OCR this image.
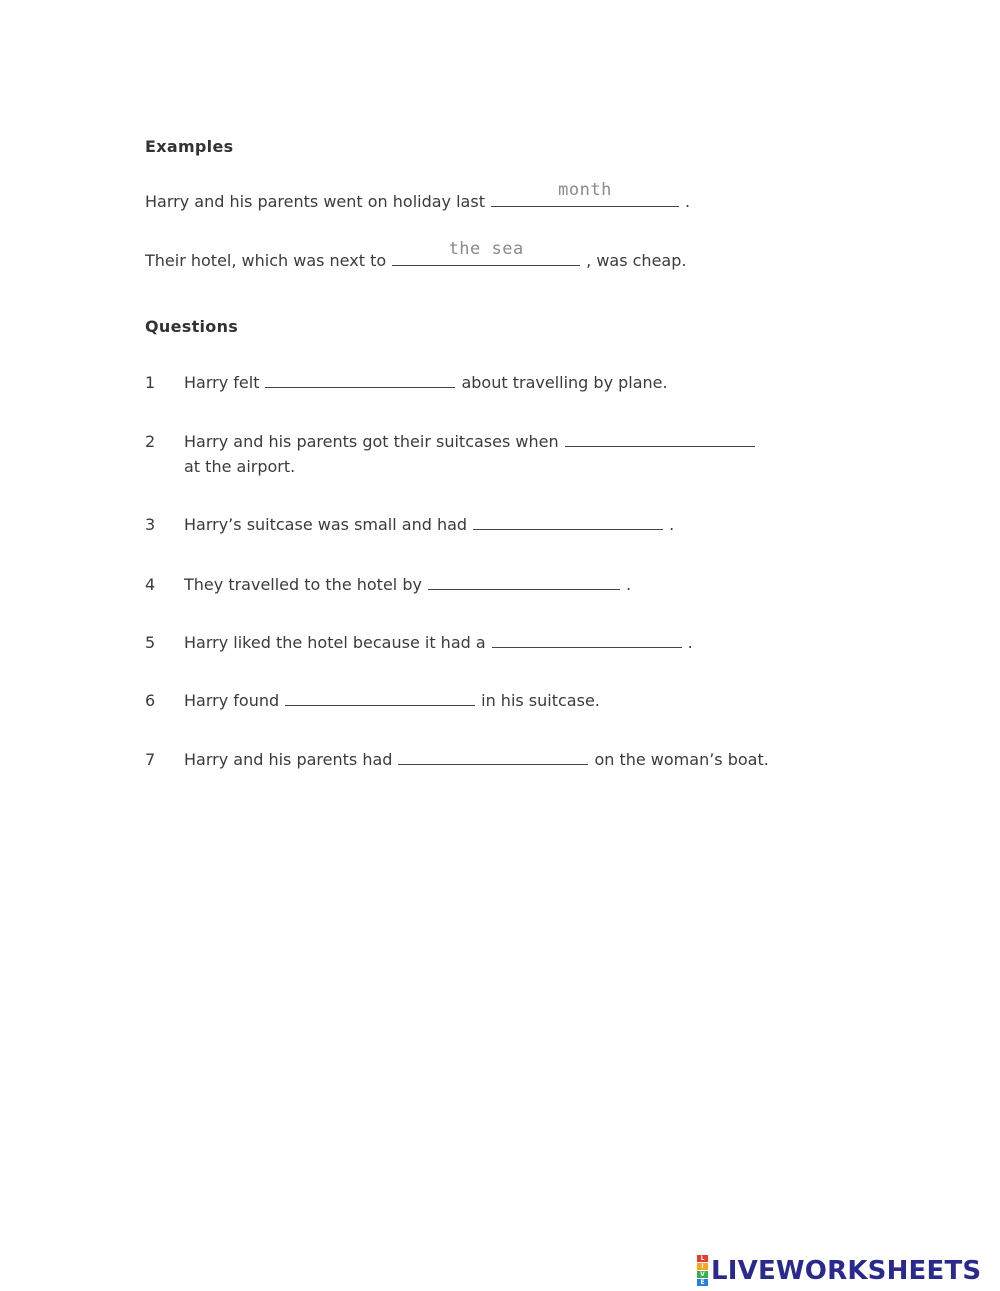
Examples
Harry and his parents went on holiday last
month
.
Their hotel, which was next to
the sea
, was cheap.
Questions
1	Harry felt	about travelling by plane.
2	Harry and his parents got their suitcases when
at the airport.
3	Harry’s suitcase was small and had	.
4	They travelled to the hotel by	.
5	Harry liked the hotel because it had a	.
6	Harry found	in his suitcase.
7	Harry and his parents had	on the woman’s boat.
L
I
V
E LIVEWORKSHEETS
